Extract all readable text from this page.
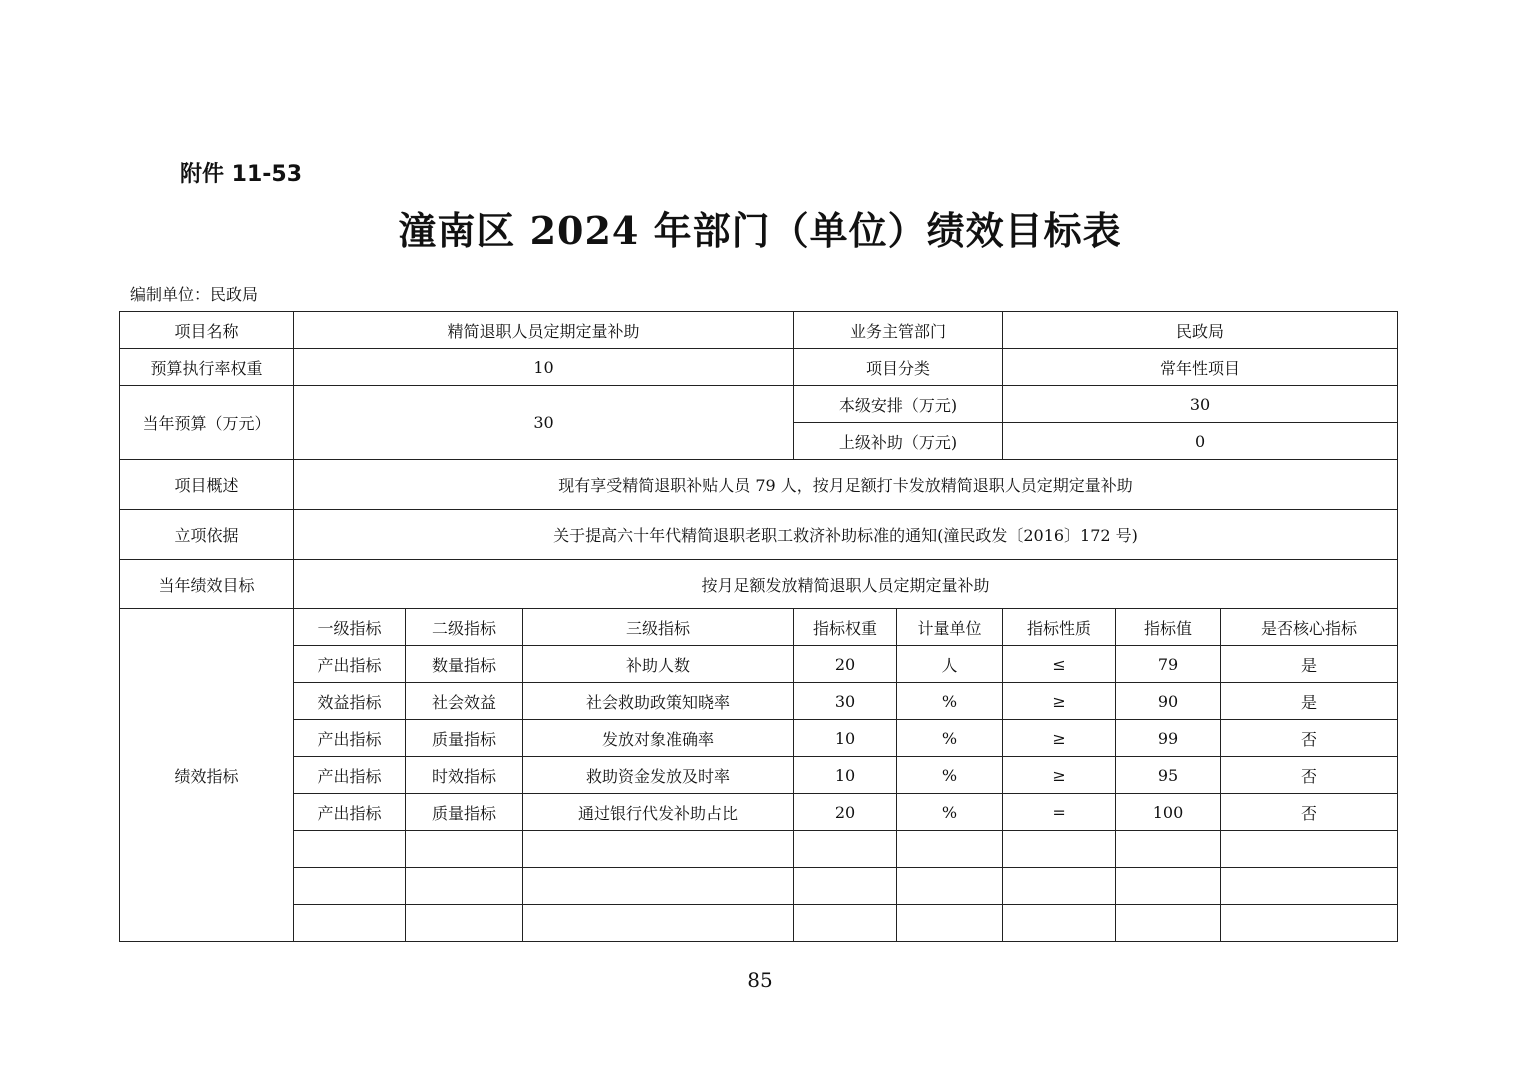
附件 11-53
潼南区 2024 年部门（单位）绩效目标表
编制单位：民政局
项目名称	精简退职人员定期定量补助			业务主管部门		民政局		
预算执行率权重	10			项目分类		常年性项目		
当年预算（万元）	30			本级安排（万元)		30		
				上级补助（万元)		0		
项目概述	现有享受精简退职补贴人员 79 人，按月足额打卡发放精简退职人员定期定量补助							
立项依据	关于提高六十年代精简退职老职工救济补助标准的通知(潼民政发〔2016〕172 号)							
当年绩效目标	按月足额发放精简退职人员定期定量补助							
绩效指标	一级指标	二级指标	三级指标	指标权重	计量单位	指标性质	指标值	是否核心指标
	产出指标	数量指标	补助人数	20	人	≤	79	是
	效益指标	社会效益	社会救助政策知晓率	30	%	≥	90	是
	产出指标	质量指标	发放对象准确率	10	%	≥	99	否
	产出指标	时效指标	救助资金发放及时率	10	%	≥	95	否
	产出指标	质量指标	通过银行代发补助占比	20	%	=	100	否

85
